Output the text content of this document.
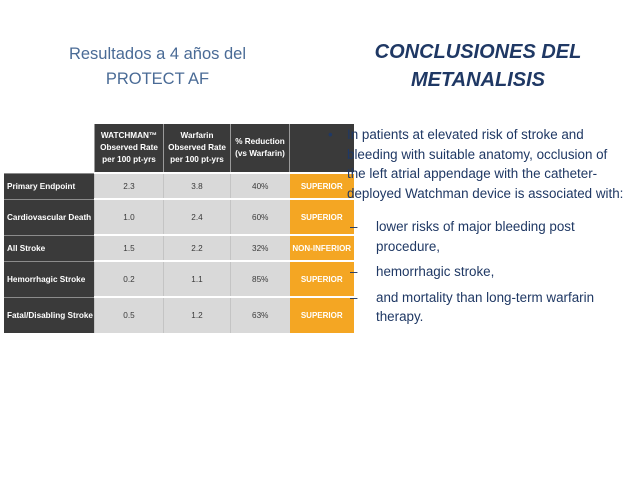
Resultados a 4 años del
PROTECT AF
CONCLUSIONES DEL
METANALISIS
	WATCHMAN™ Observed Rate per 100 pt-yrs	Warfarin Observed Rate per 100 pt-yrs	% Reduction (vs Warfarin)	
Primary Endpoint	2.3	3.8	40%	SUPERIOR
Cardiovascular Death	1.0	2.4	60%	SUPERIOR
All Stroke	1.5	2.2	32%	NON-INFERIOR
Hemorrhagic Stroke	0.2	1.1	85%	SUPERIOR
Fatal/Disabling Stroke	0.5	1.2	63%	SUPERIOR
• In patients at elevated risk of stroke and bleeding with suitable anatomy, occlusion of the left atrial appendage with the catheter-deployed Watchman device is associated with:
– lower risks of major bleeding post procedure,
– hemorrhagic stroke,
– and mortality than long-term warfarin therapy.
